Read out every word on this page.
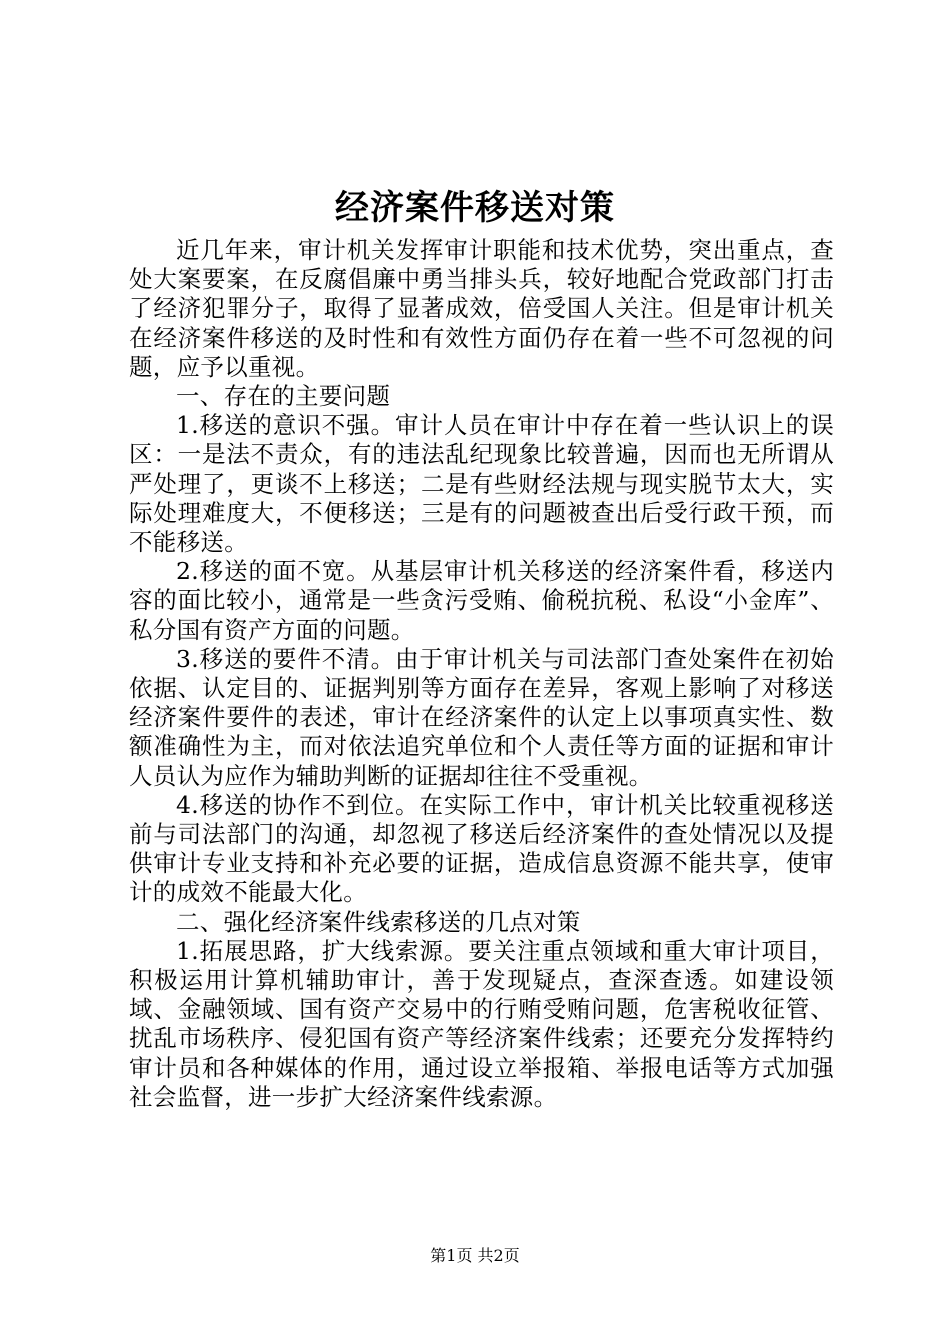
经济案件移送对策

近几年来，审计机关发挥审计职能和技术优势，突出重点，查处大案要案，在反腐倡廉中勇当排头兵，较好地配合党政部门打击了经济犯罪分子，取得了显著成效，倍受国人关注。但是审计机关在经济案件移送的及时性和有效性方面仍存在着一些不可忽视的问题，应予以重视。

一、存在的主要问题

1.移送的意识不强。审计人员在审计中存在着一些认识上的误区：一是法不责众，有的违法乱纪现象比较普遍，因而也无所谓从严处理了，更谈不上移送；二是有些财经法规与现实脱节太大，实际处理难度大，不便移送；三是有的问题被查出后受行政干预，而不能移送。

2.移送的面不宽。从基层审计机关移送的经济案件看，移送内容的面比较小，通常是一些贪污受贿、偷税抗税、私设“小金库”、私分国有资产方面的问题。

3.移送的要件不清。由于审计机关与司法部门查处案件在初始依据、认定目的、证据判别等方面存在差异，客观上影响了对移送经济案件要件的表述，审计在经济案件的认定上以事项真实性、数额准确性为主，而对依法追究单位和个人责任等方面的证据和审计人员认为应作为辅助判断的证据却往往不受重视。

4.移送的协作不到位。在实际工作中，审计机关比较重视移送前与司法部门的沟通，却忽视了移送后经济案件的查处情况以及提供审计专业支持和补充必要的证据，造成信息资源不能共享，使审计的成效不能最大化。

二、强化经济案件线索移送的几点对策

1.拓展思路，扩大线索源。要关注重点领域和重大审计项目，积极运用计算机辅助审计，善于发现疑点，查深查透。如建设领域、金融领域、国有资产交易中的行贿受贿问题，危害税收征管、扰乱市场秩序、侵犯国有资产等经济案件线索；还要充分发挥特约审计员和各种媒体的作用，通过设立举报箱、举报电话等方式加强社会监督，进一步扩大经济案件线索源。

第1页 共2页
